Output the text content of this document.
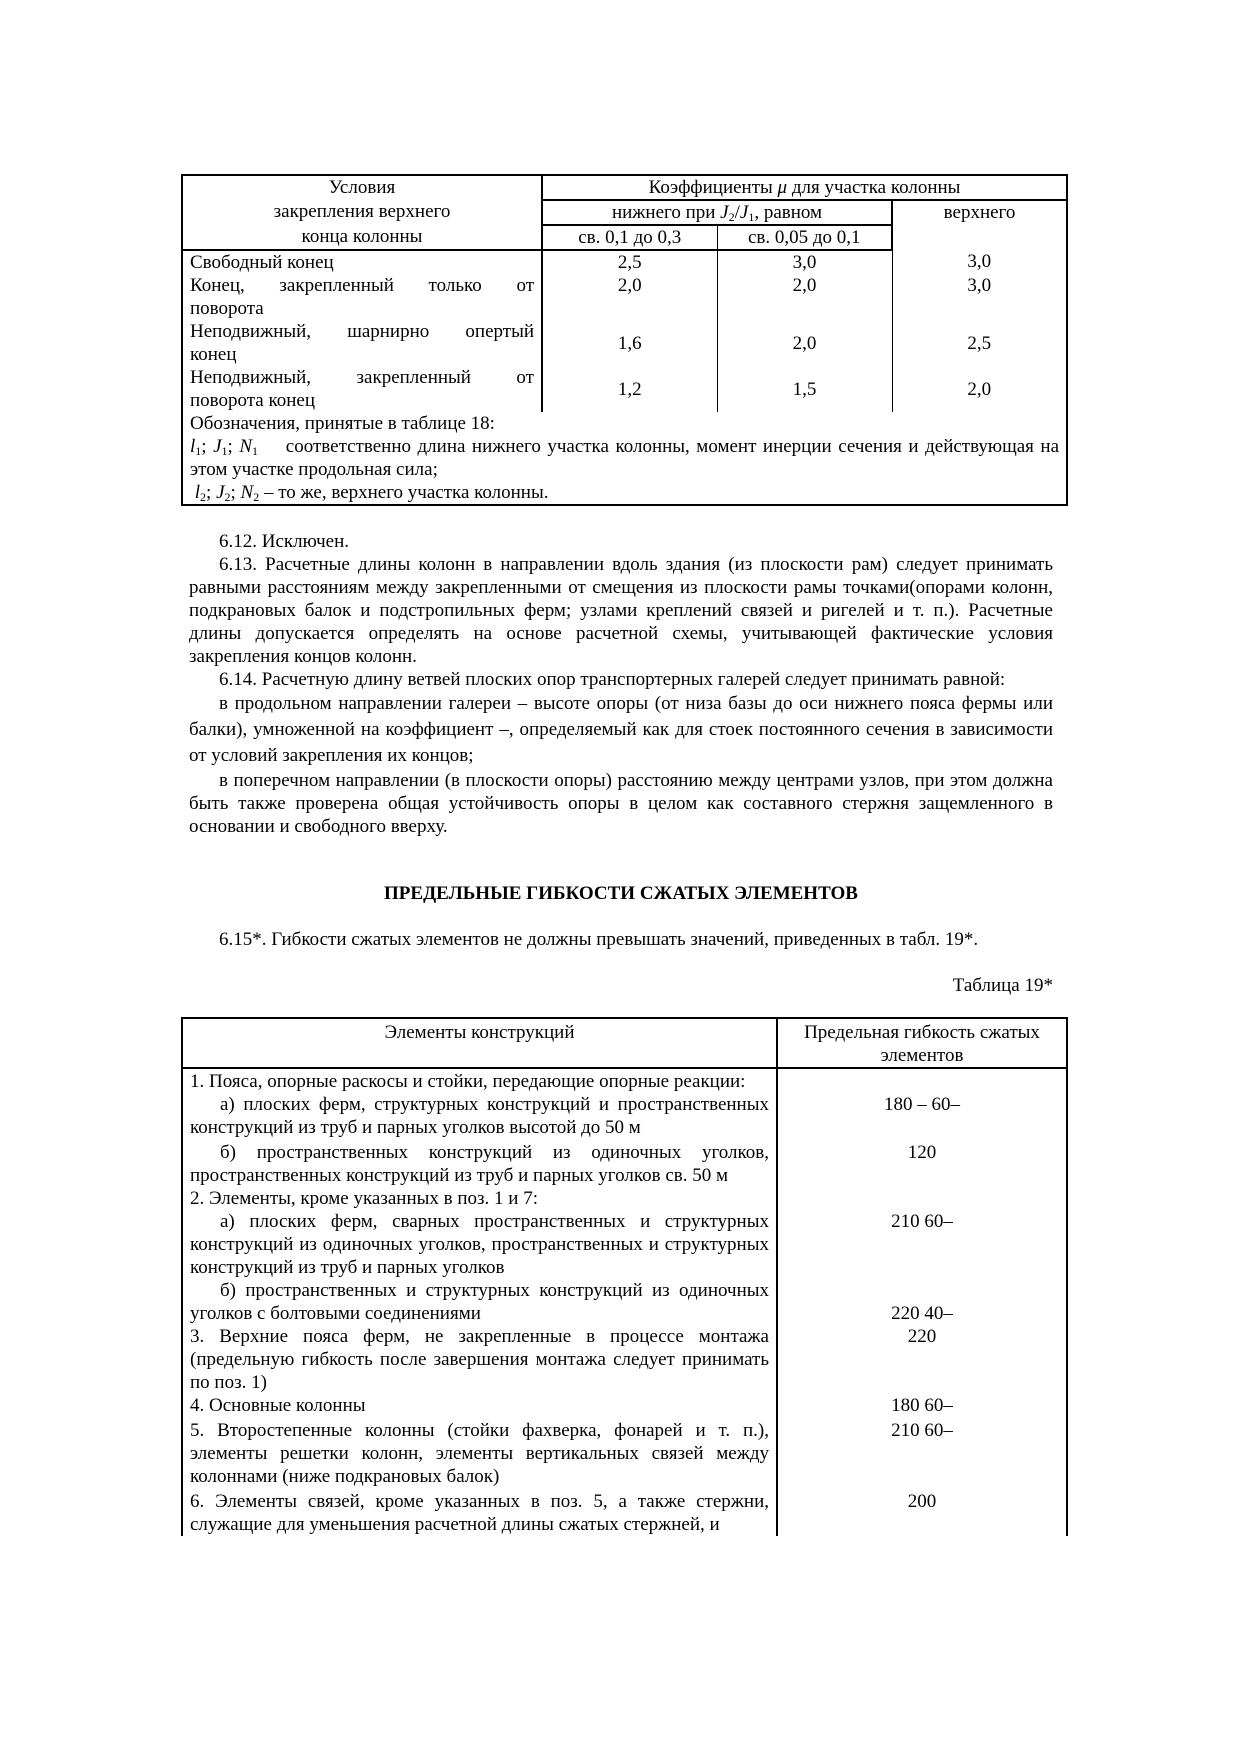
Условия	Коэффициенты μ для участка колонны		
закрепления верхнего	нижнего при $J_2/J_1$, равном		верхнего
конца колонны	св. 0,1 до 0,3	св. 0,05 до 0,1	
Свободный конец	2,5	3,0	3,0

Конец, закрепленный только от
поворота	2,0	2,0	3,0

Неподвижный, шарнирно опертый
конец	1,6	2,0	2,5

Неподвижный, закрепленный от
поворота конец	1,2	1,5	2,0

Обозначения, принятые в таблице 18:
$l_1$; $J_1$; $N_1$ соответственно длина нижнего участка колонны, момент инерции сечения и действующая на этом участке продольная сила;
$l_2$; $J_2$; $N_2$ – то же, верхнего участка колонны.			

6.12. Исключен.

6.13. Расчетные длины колонн в направлении вдоль здания (из плоскости рам) следует принимать равными расстояниям между закрепленными от смещения из плоскости рамы точками(опорами колонн, подкрановых балок и подстропильных ферм; узлами креплений связей и ригелей и т. п.). Расчетные длины допускается определять на основе расчетной схемы, учитывающей фактические условия закрепления концов колонн.

6.14. Расчетную длину ветвей плоских опор транспортерных галерей следует принимать равной:

в продольном направлении галереи – высоте опоры (от низа базы до оси нижнего пояса фермы или балки), умноженной на коэффициент –, определяемый как для стоек постоянного сечения в зависимости от условий закрепления их концов;

в поперечном направлении (в плоскости опоры) расстоянию между центрами узлов, при этом должна быть также проверена общая устойчивость опоры в целом как составного стержня защемленного в основании и свободного вверху.

ПРЕДЕЛЬНЫЕ ГИБКОСТИ СЖАТЫХ ЭЛЕМЕНТОВ

6.15*. Гибкости сжатых элементов не должны превышать значений, приведенных в табл. 19*.

Таблица 19*
Элементы конструкций	Предельная гибкость сжатых элементов
1. Пояса, опорные раскосы и стойки, передающие опорные реакции:	
а) плоских ферм, структурных конструкций и пространственных конструкций из труб и парных уголков высотой до 50 м	180 – 60–
б) пространственных конструкций из одиночных уголков, пространственных конструкций из труб и парных уголков св. 50 м	120
2. Элементы, кроме указанных в поз. 1 и 7:	
а) плоских ферм, сварных пространственных и структурных конструкций из одиночных уголков, пространственных и структурных конструкций из труб и парных уголков	210 60–
б) пространственных и структурных конструкций из одиночных уголков с болтовыми соединениями	220 40–
3. Верхние пояса ферм, не закрепленные в процессе монтажа (предельную гибкость после завершения монтажа следует принимать по поз. 1)	220
4. Основные колонны	180 60–
5. Второстепенные колонны (стойки фахверка, фонарей и т. п.), элементы решетки колонн, элементы вертикальных связей между колоннами (ниже подкрановых балок)	210 60–
6. Элементы связей, кроме указанных в поз. 5, а также стержни, служащие для уменьшения расчетной длины сжатых стержней, и	200
